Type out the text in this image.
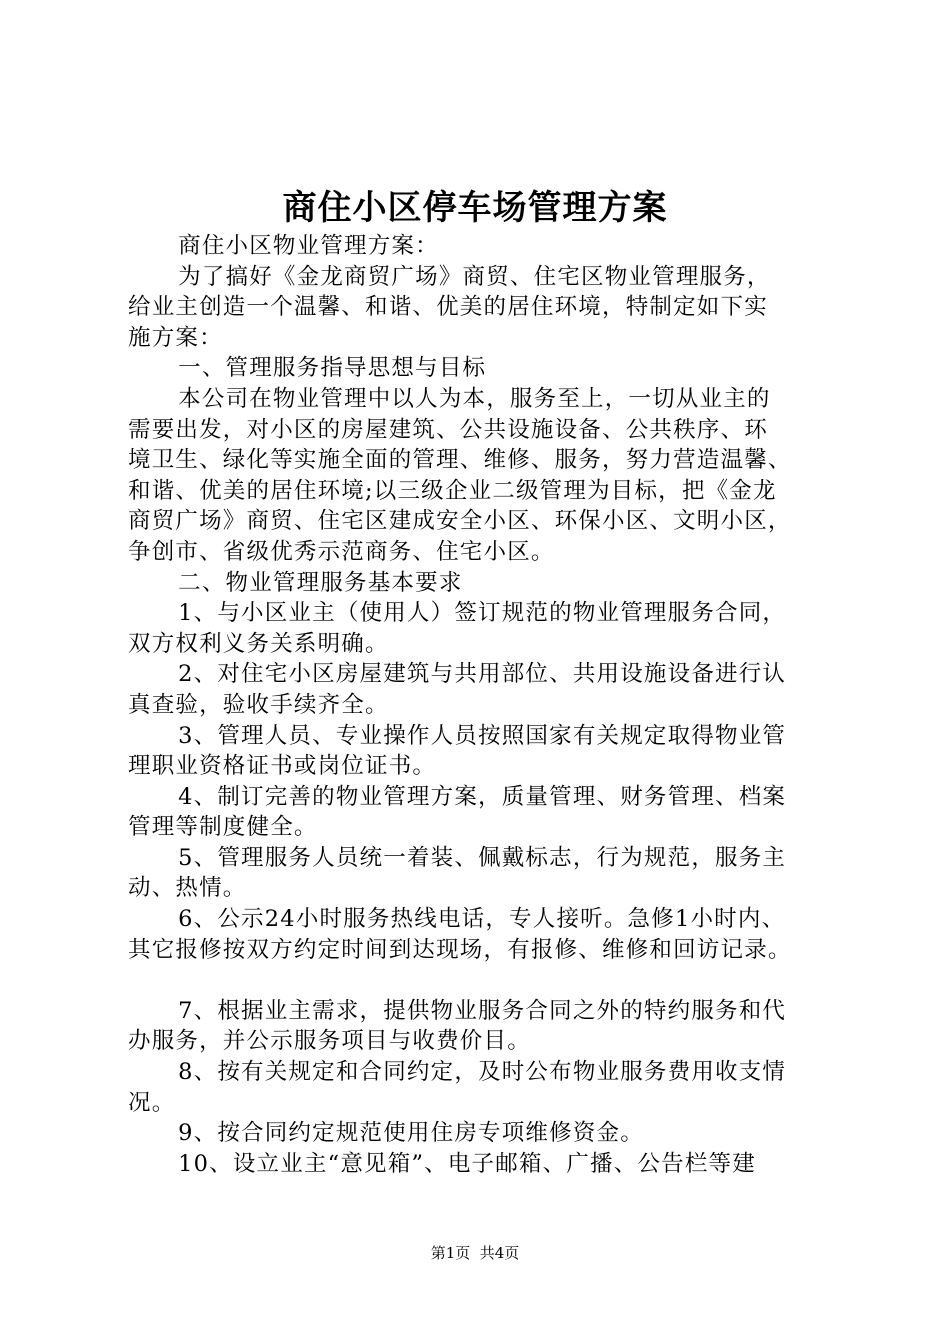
商住小区停车场管理方案
商住小区物业管理方案：
为了搞好《金龙商贸广场》商贸、住宅区物业管理服务，
给业主创造一个温馨、和谐、优美的居住环境，特制定如下实
施方案：
一、管理服务指导思想与目标
本公司在物业管理中以人为本，服务至上，一切从业主的
需要出发，对小区的房屋建筑、公共设施设备、公共秩序、环
境卫生、绿化等实施全面的管理、维修、服务，努力营造温馨、
和谐、优美的居住环境;以三级企业二级管理为目标，把《金龙
商贸广场》商贸、住宅区建成安全小区、环保小区、文明小区，
争创市、省级优秀示范商务、住宅小区。
二、物业管理服务基本要求
1、与小区业主（使用人）签订规范的物业管理服务合同，
双方权利义务关系明确。
2、对住宅小区房屋建筑与共用部位、共用设施设备进行认
真查验，验收手续齐全。
3、管理人员、专业操作人员按照国家有关规定取得物业管
理职业资格证书或岗位证书。
4、制订完善的物业管理方案，质量管理、财务管理、档案
管理等制度健全。
5、管理服务人员统一着装、佩戴标志，行为规范，服务主
动、热情。
6、公示24小时服务热线电话，专人接听。急修1小时内、
其它报修按双方约定时间到达现场，有报修、维修和回访记录。
7、根据业主需求，提供物业服务合同之外的特约服务和代
办服务，并公示服务项目与收费价目。
8、按有关规定和合同约定，及时公布物业服务费用收支情
况。
9、按合同约定规范使用住房专项维修资金。
10、设立业主“意见箱”、电子邮箱、广播、公告栏等建
第1页  共4页
